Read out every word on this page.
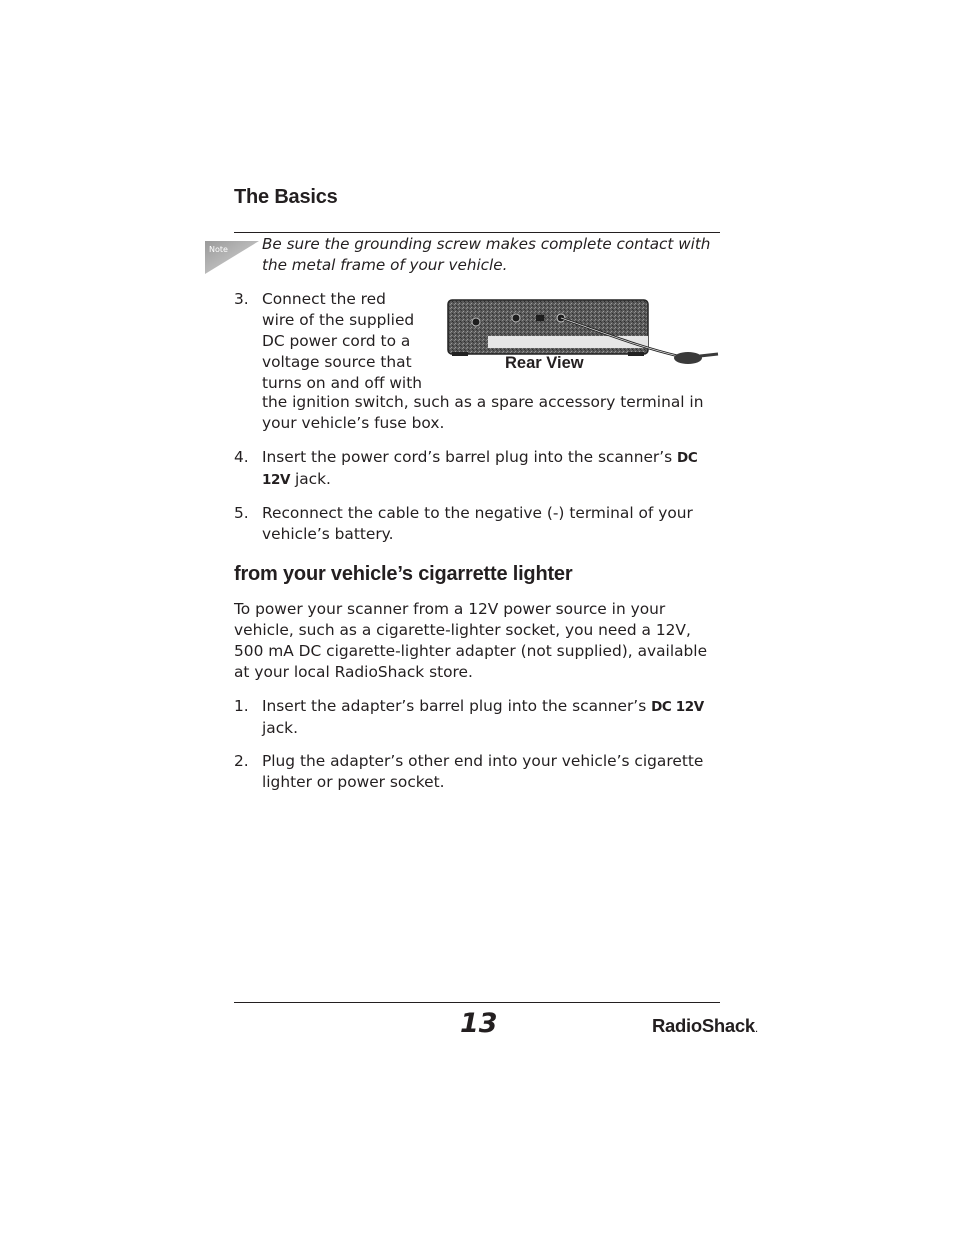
The Basics
Note Be sure the grounding screw makes complete contact with the metal frame of your vehicle.
3. Connect the red
wire of the supplied
DC power cord to a
voltage source that
turns on and off with
the ignition switch, such as a spare accessory terminal in
your vehicle’s fuse box.
Rear View
4. Insert the power cord’s barrel plug into the scanner’s DC
12V jack.
5. Reconnect the cable to the negative (-) terminal of your
vehicle’s battery.
from your vehicle’s cigarrette lighter
To power your scanner from a 12V power source in your
vehicle, such as a cigarette-lighter socket, you need a 12V,
500 mA DC cigarette-lighter adapter (not supplied), available
at your local RadioShack store.
1. Insert the adapter’s barrel plug into the scanner’s DC 12V
jack.
2. Plug the adapter’s other end into your vehicle’s cigarette
lighter or power socket.
13	RadioShack.
